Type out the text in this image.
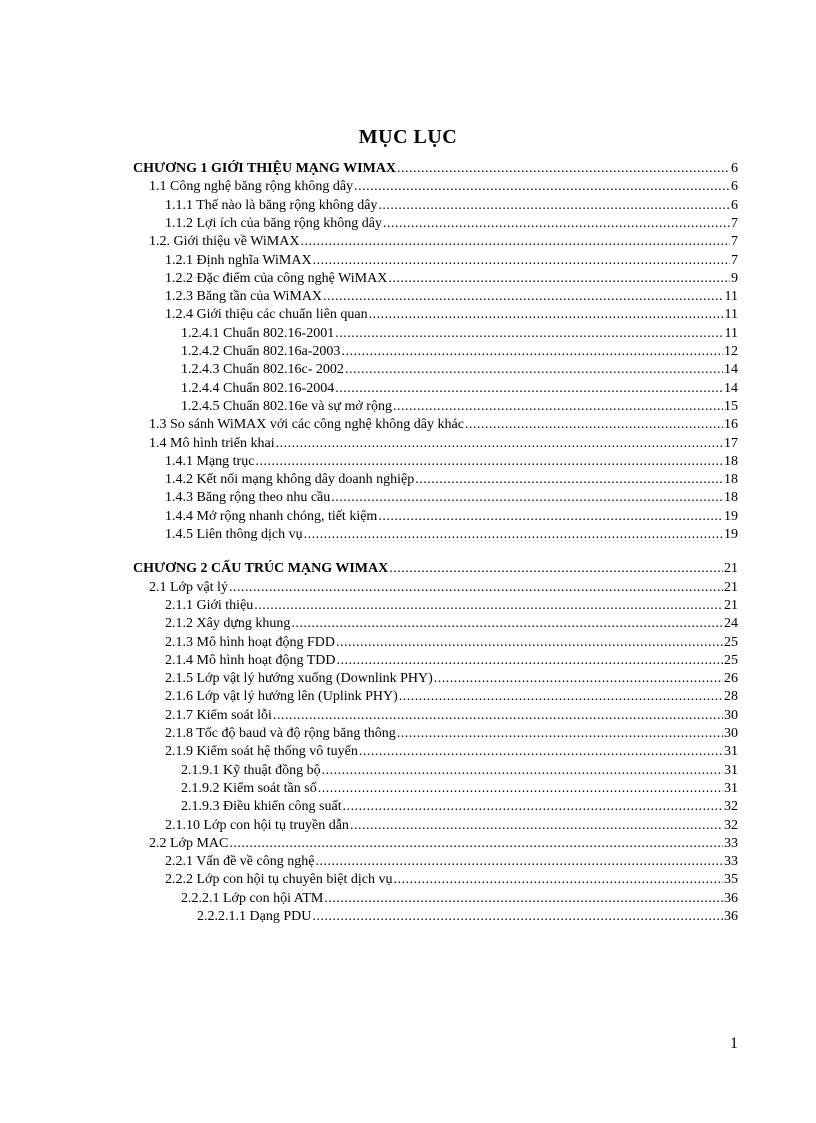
MỤC LỤC
CHƯƠNG 1 GIỚI THIỆU MẠNG WIMAX .....	6
1.1 Công nghệ băng rộng không dây .....	6
1.1.1 Thế nào là băng rộng không dây .....	6
1.1.2 Lợi ích của băng rộng không dây .....	7
1.2. Giới thiệu về WiMAX .....	7
1.2.1 Định nghĩa WiMAX .....	7
1.2.2 Đặc điểm của công nghệ WiMAX .....	9
1.2.3 Băng tần của WiMAX .....	11
1.2.4 Giới thiệu các chuẩn liên quan .....	11
1.2.4.1 Chuẩn 802.16-2001 .....	11
1.2.4.2 Chuẩn 802.16a-2003 .....	12
1.2.4.3 Chuẩn 802.16c- 2002 .....	14
1.2.4.4 Chuẩn 802.16-2004 .....	14
1.2.4.5 Chuẩn 802.16e và sự mở rộng .....	15
1.3 So sánh WiMAX với các công nghệ không dây khác .....	16
1.4 Mô hình triển khai .....	17
1.4.1 Mạng trục .....	18
1.4.2 Kết nối mạng không dây doanh nghiệp .....	18
1.4.3 Băng rộng theo nhu cầu .....	18
1.4.4 Mở rộng nhanh chóng, tiết kiệm .....	19
1.4.5 Liên thông dịch vụ .....	19
CHƯƠNG 2 CẤU TRÚC MẠNG WIMAX .....	21
2.1 Lớp vật lý .....	21
2.1.1 Giới thiệu .....	21
2.1.2 Xây dựng khung .....	24
2.1.3 Mô hình hoạt động FDD .....	25
2.1.4 Mô hình hoạt động TDD .....	25
2.1.5 Lớp vật lý hướng xuống (Downlink PHY) .....	26
2.1.6 Lớp vật lý hướng lên (Uplink PHY) .....	28
2.1.7 Kiểm soát lỗi .....	30
2.1.8 Tốc độ baud và độ rộng băng thông .....	30
2.1.9 Kiểm soát hệ thống vô tuyến .....	31
2.1.9.1 Kỹ thuật đồng bộ .....	31
2.1.9.2 Kiểm soát tần số .....	31
2.1.9.3 Điều khiển công suất .....	32
2.1.10 Lớp con hội tụ truyền dẫn .....	32
2.2 Lớp MAC .....	33
2.2.1 Vấn đề về công nghệ .....	33
2.2.2 Lớp con hội tụ chuyên biệt dịch vụ .....	35
2.2.2.1 Lớp con hội ATM .....	36
2.2.2.1.1 Dạng PDU .....	36
1
